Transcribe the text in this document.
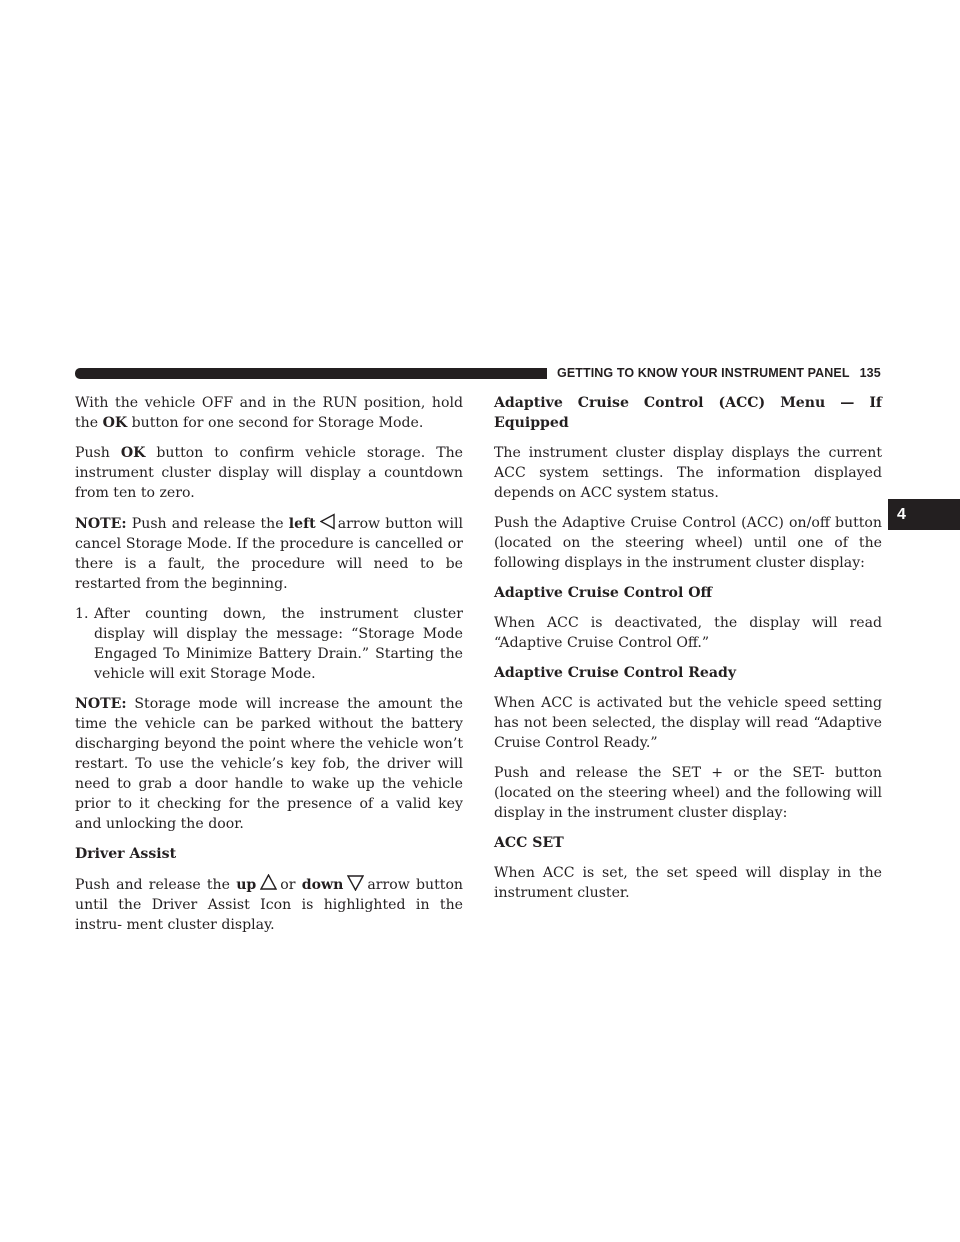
GETTING TO KNOW YOUR INSTRUMENT PANEL 135
4

With the vehicle OFF and in the RUN position, hold the OK button for one second for Storage Mode.

Push OK button to confirm vehicle storage. The instrument cluster display will display a countdown from ten to zero.

NOTE: Push and release the left arrow button will cancel Storage Mode. If the procedure is cancelled or there is a fault, the procedure will need to be restarted from the beginning.

1. After counting down, the instrument cluster display will display the message: “Storage Mode Engaged To Minimize Battery Drain.” Starting the vehicle will exit Storage Mode.

NOTE: Storage mode will increase the amount the time the vehicle can be parked without the battery discharging beyond the point where the vehicle won’t restart. To use the vehicle’s key fob, the driver will need to grab a door handle to wake up the vehicle prior to it checking for the presence of a valid key and unlocking the door.

Driver Assist

Push and release the up or down arrow button until the Driver Assist Icon is highlighted in the instru- ment cluster display.

Adaptive Cruise Control (ACC) Menu — If Equipped

The instrument cluster display displays the current ACC system settings. The information displayed depends on ACC system status.

Push the Adaptive Cruise Control (ACC) on/off button (located on the steering wheel) until one of the following displays in the instrument cluster display:

Adaptive Cruise Control Off

When ACC is deactivated, the display will read “Adaptive Cruise Control Off.”

Adaptive Cruise Control Ready

When ACC is activated but the vehicle speed setting has not been selected, the display will read “Adaptive Cruise Control Ready.”

Push and release the SET + or the SET- button (located on the steering wheel) and the following will display in the instrument cluster display:

ACC SET

When ACC is set, the set speed will display in the instrument cluster.
